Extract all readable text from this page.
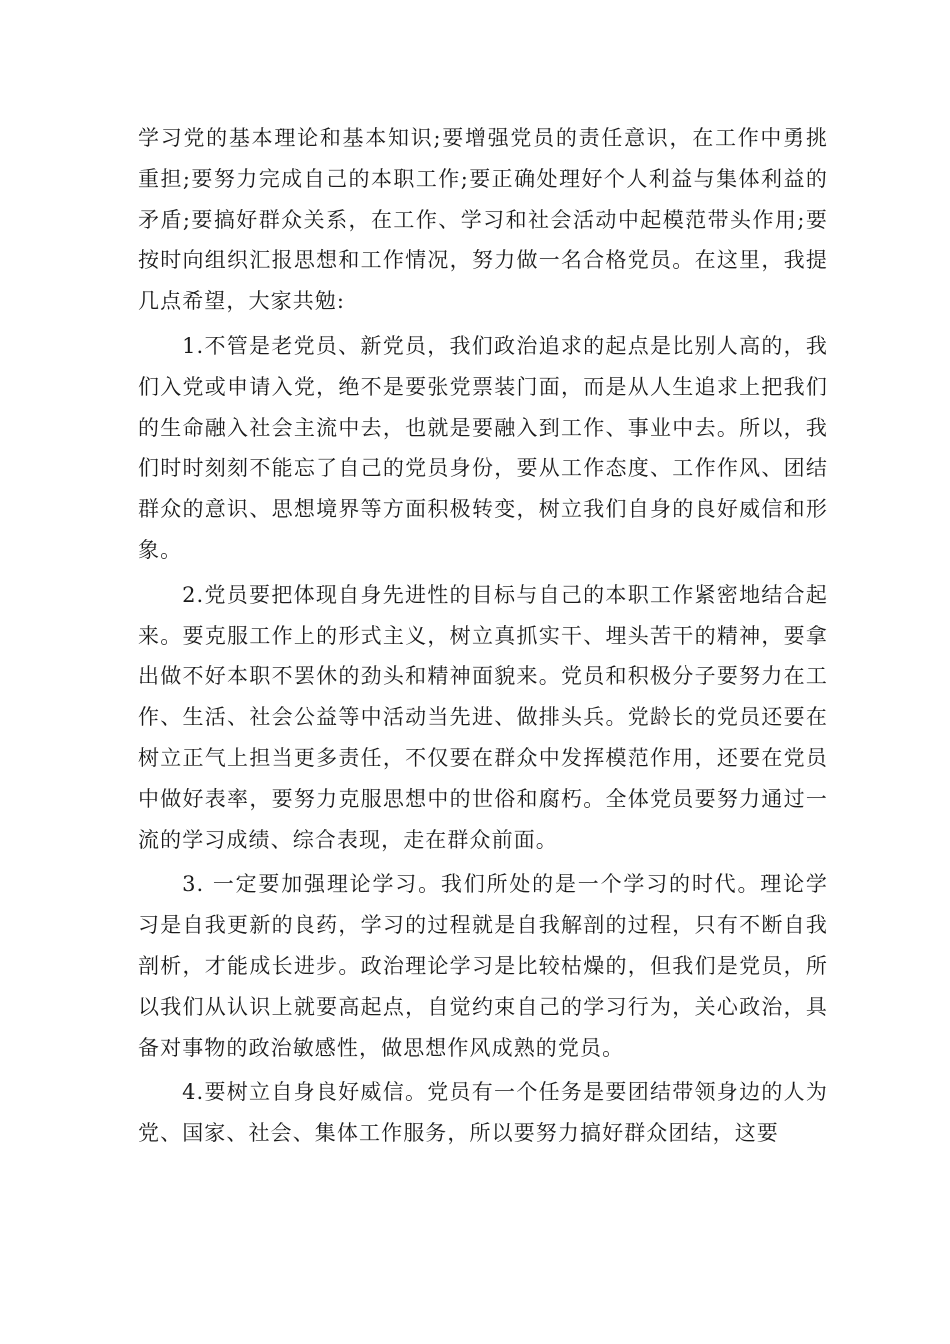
学习党的基本理论和基本知识;要增强党员的责任意识，在工作中勇挑重担;要努力完成自己的本职工作;要正确处理好个人利益与集体利益的矛盾;要搞好群众关系，在工作、学习和社会活动中起模范带头作用;要按时向组织汇报思想和工作情况，努力做一名合格党员。在这里，我提几点希望，大家共勉:

1.不管是老党员、新党员，我们政治追求的起点是比别人高的，我们入党或申请入党，绝不是要张党票装门面，而是从人生追求上把我们的生命融入社会主流中去，也就是要融入到工作、事业中去。所以，我们时时刻刻不能忘了自己的党员身份，要从工作态度、工作作风、团结群众的意识、思想境界等方面积极转变，树立我们自身的良好威信和形象。

2.党员要把体现自身先进性的目标与自己的本职工作紧密地结合起来。要克服工作上的形式主义，树立真抓实干、埋头苦干的精神，要拿出做不好本职不罢休的劲头和精神面貌来。党员和积极分子要努力在工作、生活、社会公益等中活动当先进、做排头兵。党龄长的党员还要在树立正气上担当更多责任，不仅要在群众中发挥模范作用，还要在党员中做好表率，要努力克服思想中的世俗和腐朽。全体党员要努力通过一流的学习成绩、综合表现，走在群众前面。

3. 一定要加强理论学习。我们所处的是一个学习的时代。理论学习是自我更新的良药，学习的过程就是自我解剖的过程，只有不断自我剖析，才能成长进步。政治理论学习是比较枯燥的，但我们是党员，所以我们从认识上就要高起点，自觉约束自己的学习行为，关心政治，具备对事物的政治敏感性，做思想作风成熟的党员。

4.要树立自身良好威信。党员有一个任务是要团结带领身边的人为党、国家、社会、集体工作服务，所以要努力搞好群众团结，这要
